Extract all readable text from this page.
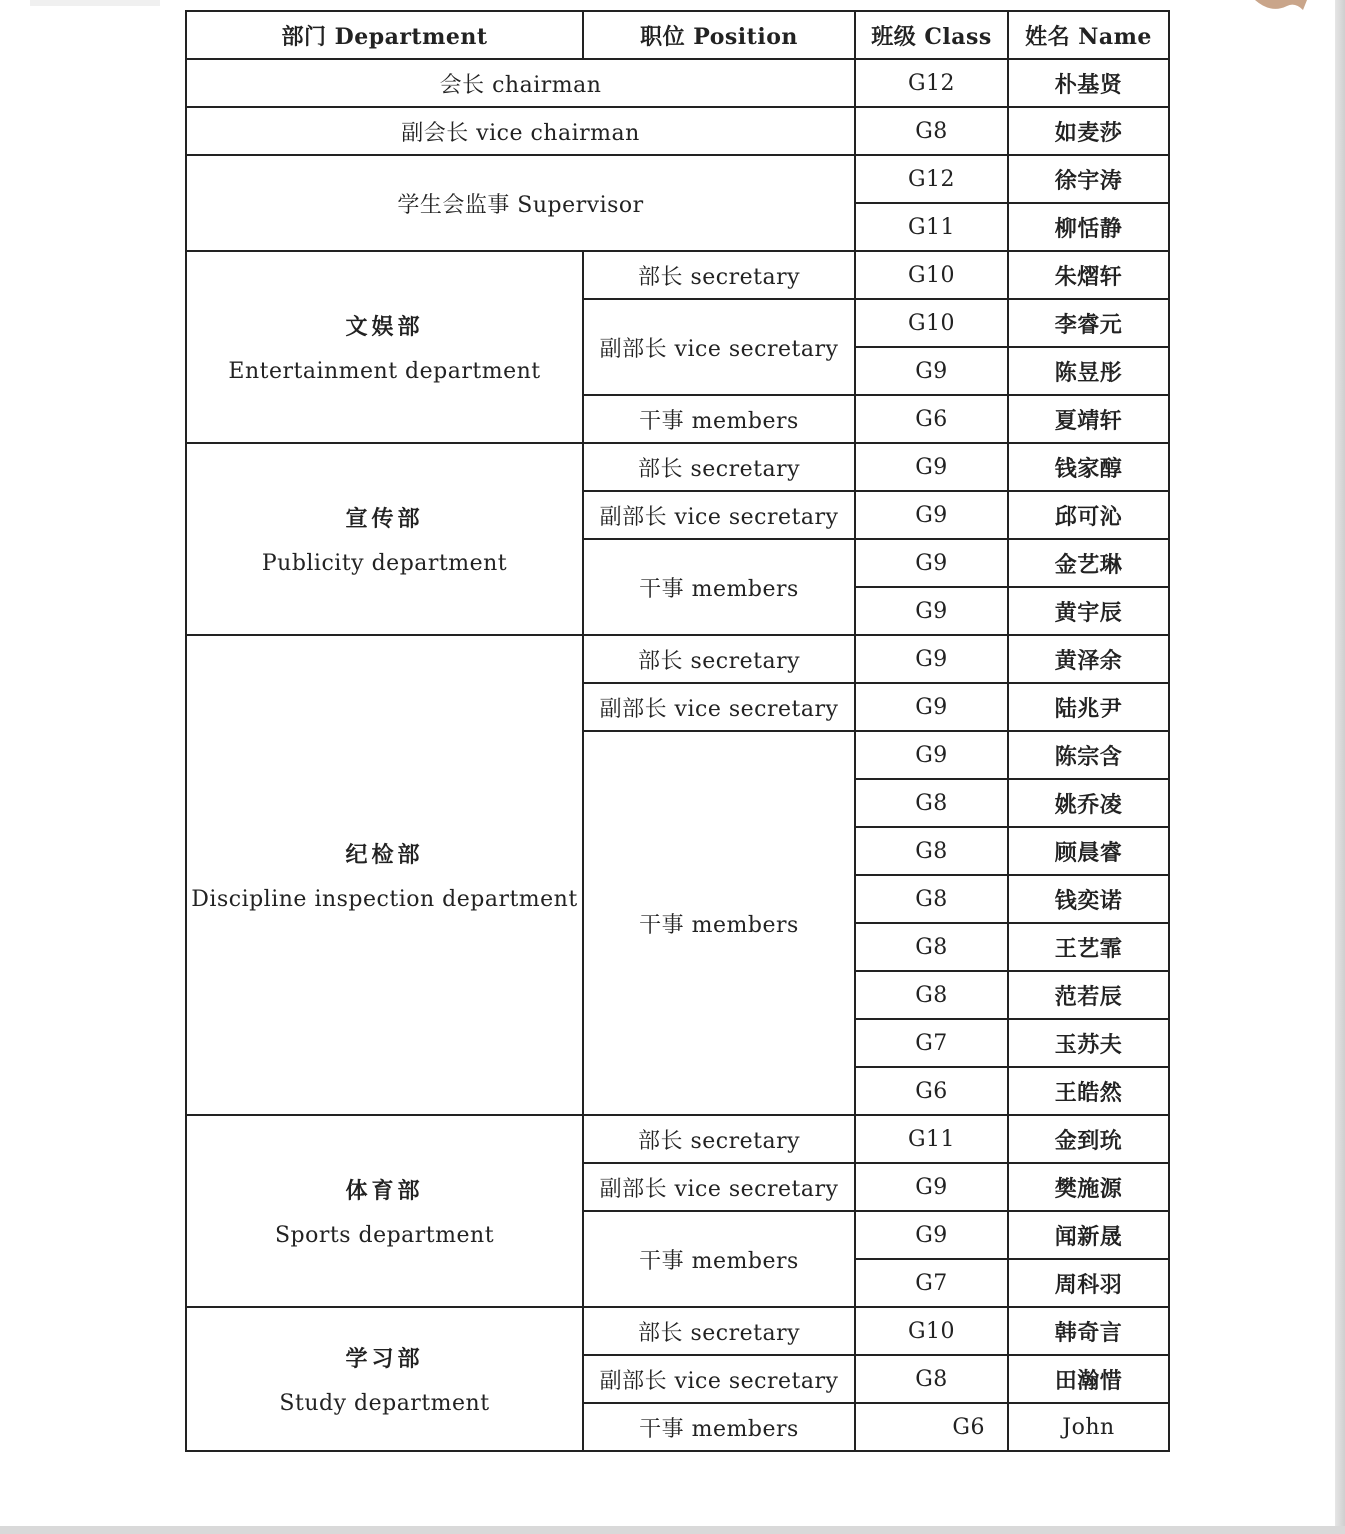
部门 Department	职位 Position	班级 Class	姓名 Name
会长 chairman		G12	朴基贤
副会长 vice chairman		G8	如麦莎
学生会监事 Supervisor		G12	徐宇涛
		G11	柳恬静

文娱部
Entertainment department	部长 secretary	G10	朱熠轩
	副部长 vice secretary	G10	李睿元
		G9	陈昱彤
	干事 members	G6	夏靖轩

宣传部
Publicity department	部长 secretary	G9	钱家醇
	副部长 vice secretary	G9	邱可沁
	干事 members	G9	金艺琳
		G9	黄宇辰

纪检部
Discipline inspection department	部长 secretary	G9	黄泽余
	副部长 vice secretary	G9	陆兆尹
	干事 members	G9	陈宗含
		G8	姚乔凌
		G8	顾晨睿
		G8	钱奕诺
		G8	王艺霏
		G8	范若辰
		G7	玉苏夫
		G6	王皓然

体育部
Sports department	部长 secretary	G11	金到玧
	副部长 vice secretary	G9	樊施源
	干事 members	G9	闻新晟
		G7	周科羽

学习部
Study department	部长 secretary	G10	韩奇言
	副部长 vice secretary	G8	田瀚惜
	干事 members	G6	John
